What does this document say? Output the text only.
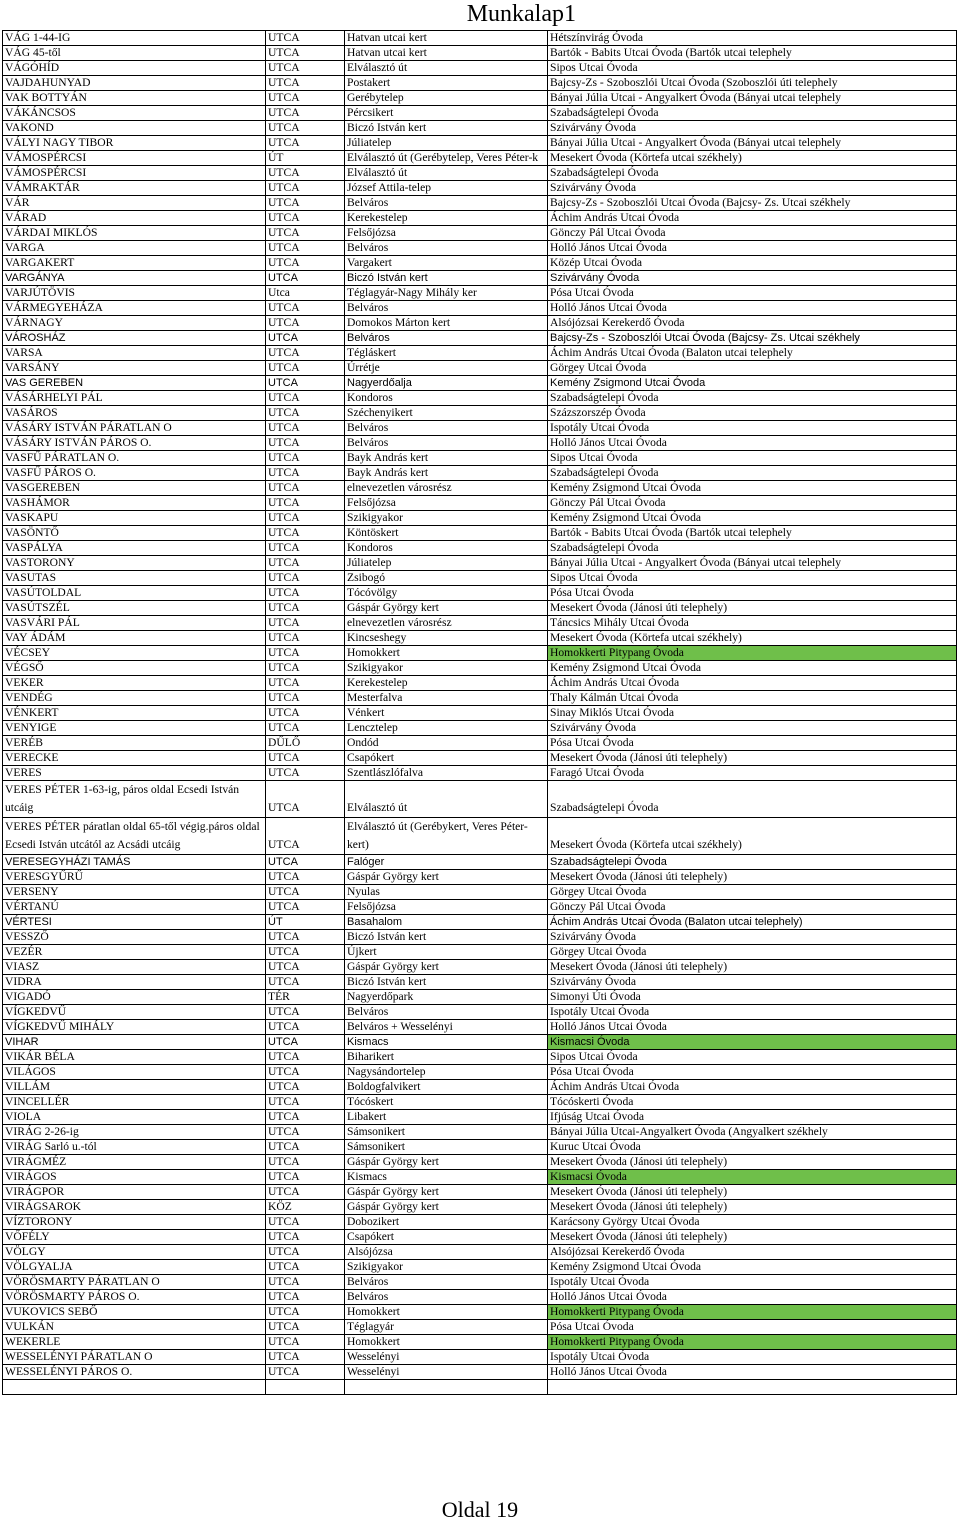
Munkalap1
VÁG 1-44-IG	UTCA	Hatvan utcai kert	Hétszínvirág Óvoda
VÁG 45-től	UTCA	Hatvan utcai kert	Bartók - Babits Utcai Óvoda (Bartók utcai telephely
VÁGÓHÍD	UTCA	Elválasztó út	Sipos Utcai Óvoda
VAJDAHUNYAD	UTCA	Postakert	Bajcsy-Zs - Szoboszlói Utcai Óvoda (Szoboszlói úti telephely
VAK BOTTYÁN	UTCA	Gerébytelep	Bányai Júlia Utcai - Angyalkert Óvoda (Bányai utcai telephely
VÁKÁNCSOS	UTCA	Pércsikert	Szabadságtelepi Óvoda
VAKOND	UTCA	Biczó István kert	Szivárvány Óvoda
VÁLYI NAGY TIBOR	UTCA	Júliatelep	Bányai Júlia Utcai - Angyalkert Óvoda (Bányai utcai telephely
VÁMOSPÉRCSI	ÚT	Elválasztó út (Gerébytelep, Veres Péter-k	Mesekert Óvoda (Körtefa utcai székhely)
VÁMOSPÉRCSI	UTCA	Elválasztó út	Szabadságtelepi Óvoda
VÁMRAKTÁR	UTCA	József Attila-telep	Szivárvány Óvoda
VÁR	UTCA	Belváros	Bajcsy-Zs - Szoboszlói Utcai Óvoda (Bajcsy- Zs. Utcai székhely
VÁRAD	UTCA	Kerekestelep	Áchim András Utcai Óvoda
VÁRDAI MIKLÓS	UTCA	Felsőjózsa	Gönczy Pál Utcai Óvoda
VARGA	UTCA	Belváros	Holló János Utcai Óvoda
VARGAKERT	UTCA	Vargakert	Közép Utcai Óvoda
VARGÁNYA	UTCA	Biczó István kert	Szivárvány Óvoda
VARJÚTÖVIS	Utca	Téglagyár-Nagy Mihály ker	Pósa Utcai Óvoda
VÁRMEGYEHÁZA	UTCA	Belváros	Holló János Utcai Óvoda
VÁRNAGY	UTCA	Domokos Márton kert	Alsójózsai Kerekerdő Óvoda
VÁROSHÁZ	UTCA	Belváros	Bajcsy-Zs - Szoboszlói Utcai Óvoda (Bajcsy- Zs. Utcai székhely
VARSA	UTCA	Tégláskert	Áchim András Utcai Óvoda (Balaton utcai telephely
VARSÁNY	UTCA	Úrrétje	Görgey Utcai Óvoda
VAS GEREBEN	UTCA	Nagyerdőalja	Kemény Zsigmond Utcai Óvoda
VÁSÁRHELYI PÁL	UTCA	Kondoros	Szabadságtelepi Óvoda
VASÁROS	UTCA	Széchenyikert	Százszorszép Óvoda
VÁSÁRY ISTVÁN PÁRATLAN O	UTCA	Belváros	Ispotály Utcai Óvoda
VÁSÁRY ISTVÁN PÁROS O.	UTCA	Belváros	Holló János Utcai Óvoda
VASFŰ PÁRATLAN O.	UTCA	Bayk András kert	Sipos Utcai Óvoda
VASFŰ PÁROS O.	UTCA	Bayk András kert	Szabadságtelepi Óvoda
VASGEREBEN	UTCA	elnevezetlen városrész	Kemény Zsigmond Utcai Óvoda
VASHÁMOR	UTCA	Felsőjózsa	Gönczy Pál Utcai Óvoda
VASKAPU	UTCA	Szikigyakor	Kemény Zsigmond Utcai Óvoda
VASÖNTŐ	UTCA	Köntöskert	Bartók - Babits Utcai Óvoda (Bartók utcai telephely
VASPÁLYA	UTCA	Kondoros	Szabadságtelepi Óvoda
VASTORONY	UTCA	Júliatelep	Bányai Júlia Utcai - Angyalkert Óvoda (Bányai utcai telephely
VASUTAS	UTCA	Zsibogó	Sipos Utcai Óvoda
VASÚTOLDAL	UTCA	Tócóvölgy	Pósa Utcai Óvoda
VASÚTSZÉL	UTCA	Gáspár György kert	Mesekert Óvoda (Jánosi úti telephely)
VASVÁRI PÁL	UTCA	elnevezetlen városrész	Táncsics Mihály Utcai Óvoda
VAY ÁDÁM	UTCA	Kincseshegy	Mesekert Óvoda (Körtefa utcai székhely)
VÉCSEY	UTCA	Homokkert	Homokkerti Pitypang Óvoda
VÉGSŐ	UTCA	Szikigyakor	Kemény Zsigmond Utcai Óvoda
VEKER	UTCA	Kerekestelep	Áchim András Utcai Óvoda
VENDÉG	UTCA	Mesterfalva	Thaly Kálmán Utcai Óvoda
VÉNKERT	UTCA	Vénkert	Sinay Miklós Utcai Óvoda
VENYIGE	UTCA	Lencztelep	Szivárvány Óvoda
VERÉB	DŰLŐ	Ondód	Pósa Utcai Óvoda
VERECKE	UTCA	Csapókert	Mesekert Óvoda (Jánosi úti telephely)
VERES	UTCA	Szentlászlófalva	Faragó Utcai Óvoda
VERES PÉTER 1-63-ig, páros oldal Ecsedi István utcáig	UTCA	Elválasztó út	Szabadságtelepi Óvoda
VERES PÉTER páratlan oldal 65-től végig.páros oldal Ecsedi István utcától az Acsádi utcáig	UTCA	Elválasztó út (Gerébykert, Veres Péter-kert)	Mesekert Óvoda (Körtefa utcai székhely)
VERESEGYHÁZI TAMÁS	UTCA	Falóger	Szabadságtelepi Óvoda
VERESGYŰRŰ	UTCA	Gáspár György kert	Mesekert Óvoda (Jánosi úti telephely)
VERSENY	UTCA	Nyulas	Görgey Utcai Óvoda
VÉRTANÚ	UTCA	Felsőjózsa	Gönczy Pál Utcai Óvoda
VÉRTESI	ÚT	Basahalom	Áchim András Utcai Óvoda (Balaton utcai telephely)
VESSZŐ	UTCA	Biczó István kert	Szivárvány Óvoda
VEZÉR	UTCA	Újkert	Görgey Utcai Óvoda
VIASZ	UTCA	Gáspár György kert	Mesekert Óvoda (Jánosi úti telephely)
VIDRA	UTCA	Biczó István kert	Szivárvány Óvoda
VIGADÓ	TÉR	Nagyerdőpark	Simonyi Úti Óvoda
VÍGKEDVŰ	UTCA	Belváros	Ispotály Utcai Óvoda
VÍGKEDVŰ MIHÁLY	UTCA	Belváros + Wesselényi	Holló János Utcai Óvoda
VIHAR	UTCA	Kismacs	Kismacsi Óvoda
VIKÁR BÉLA	UTCA	Biharikert	Sipos Utcai Óvoda
VILÁGOS	UTCA	Nagysándortelep	Pósa Utcai Óvoda
VILLÁM	UTCA	Boldogfalvikert	Áchim András Utcai Óvoda
VINCELLÉR	UTCA	Tócóskert	Tócóskerti Óvoda
VIOLA	UTCA	Libakert	Ifjúság Utcai Óvoda
VIRÁG 2-26-ig	UTCA	Sámsonikert	Bányai Júlia Utcai-Angyalkert Óvoda (Angyalkert székhely
VIRÁG Sarló u.-tól	UTCA	Sámsonikert	Kuruc Utcai Óvoda
VIRÁGMÉZ	UTCA	Gáspár György kert	Mesekert Óvoda (Jánosi úti telephely)
VIRÁGOS	UTCA	Kismacs	Kismacsi Óvoda
VIRÁGPOR	UTCA	Gáspár György kert	Mesekert Óvoda (Jánosi úti telephely)
VIRÁGSAROK	KÖZ	Gáspár György kert	Mesekert Óvoda (Jánosi úti telephely)
VÍZTORONY	UTCA	Dobozikert	Karácsony György Utcai Óvoda
VŐFÉLY	UTCA	Csapókert	Mesekert Óvoda (Jánosi úti telephely)
VÖLGY	UTCA	Alsójózsa	Alsójózsai Kerekerdő Óvoda
VÖLGYALJA	UTCA	Szikigyakor	Kemény Zsigmond Utcai Óvoda
VÖRÖSMARTY PÁRATLAN O	UTCA	Belváros	Ispotály Utcai Óvoda
VÖRÖSMARTY PÁROS O.	UTCA	Belváros	Holló János Utcai Óvoda
VUKOVICS SEBŐ	UTCA	Homokkert	Homokkerti Pitypang Óvoda
VULKÁN	UTCA	Téglagyár	Pósa Utcai Óvoda
WEKERLE	UTCA	Homokkert	Homokkerti Pitypang Óvoda
WESSELÉNYI PÁRATLAN O	UTCA	Wesselényi	Ispotály Utcai Óvoda
WESSELÉNYI PÁROS O.	UTCA	Wesselényi	Holló János Utcai Óvoda

Oldal 19
